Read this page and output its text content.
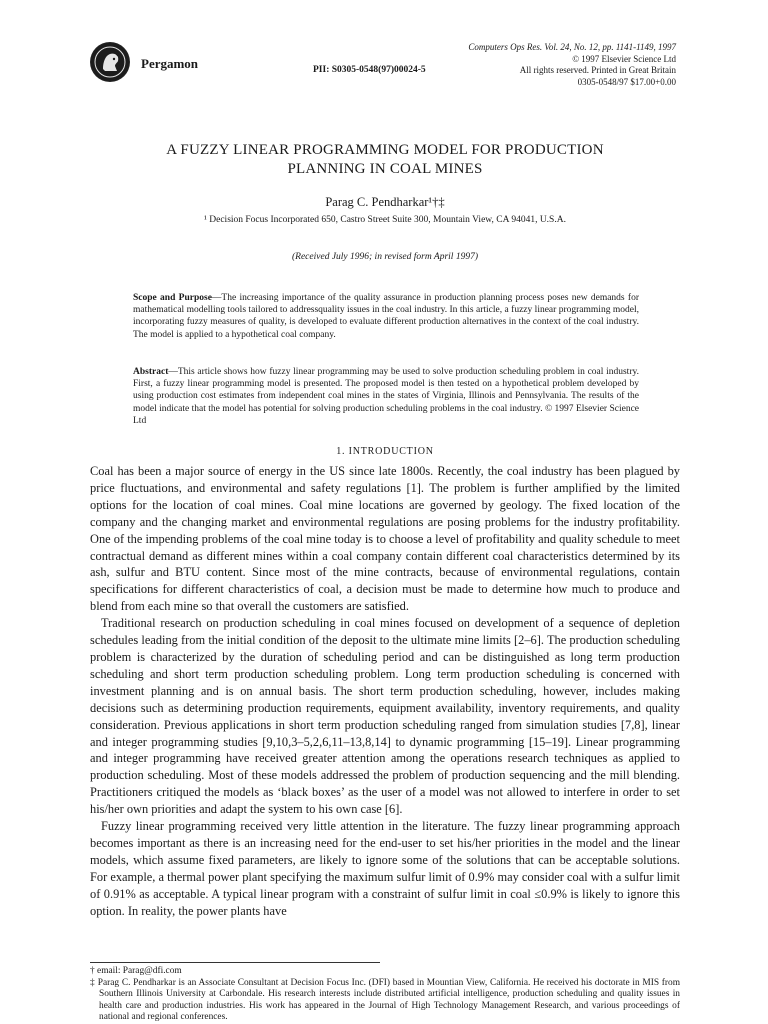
Pergamon	PII: S0305-0548(97)00024-5
Computers Ops Res. Vol. 24, No. 12, pp. 1141-1149, 1997
© 1997 Elsevier Science Ltd
All rights reserved. Printed in Great Britain
0305-0548/97 $17.00+0.00
A FUZZY LINEAR PROGRAMMING MODEL FOR PRODUCTION
PLANNING IN COAL MINES
Parag C. Pendharkar¹†‡
¹ Decision Focus Incorporated 650, Castro Street Suite 300, Mountain View, CA 94041, U.S.A.
(Received July 1996; in revised form April 1997)
Scope and Purpose—The increasing importance of the quality assurance in production planning process poses new demands for mathematical modelling tools tailored to addressquality issues in the coal industry. In this article, a fuzzy linear programming model, incorporating fuzzy measures of quality, is developed to evaluate different production alternatives in the context of the coal industry. The model is applied to a hypothetical coal company.
Abstract—This article shows how fuzzy linear programming may be used to solve production scheduling problem in coal industry. First, a fuzzy linear programming model is presented. The proposed model is then tested on a hypothetical problem developed by using production cost estimates from independent coal mines in the states of Virginia, Illinois and Pennsylvania. The results of the model indicate that the model has potential for solving production scheduling problems in the coal industry. © 1997 Elsevier Science Ltd
1. INTRODUCTION

Coal has been a major source of energy in the US since late 1800s. Recently, the coal industry has been plagued by price fluctuations, and environmental and safety regulations [1]. The problem is further amplified by the limited options for the location of coal mines. Coal mine locations are governed by geology. The fixed location of the company and the changing market and environmental regulations are posing problems for the industry profitability. One of the impending problems of the coal mine today is to choose a level of profitability and quality schedule to meet contractual demand as different mines within a coal company contain different coal characteristics determined by its ash, sulfur and BTU content. Since most of the mine contracts, because of environmental regulations, contain specifications for different characteristics of coal, a decision must be made to determine how much to produce and blend from each mine so that overall the customers are satisfied.

Traditional research on production scheduling in coal mines focused on development of a sequence of depletion schedules leading from the initial condition of the deposit to the ultimate mine limits [2–6]. The production scheduling problem is characterized by the duration of scheduling period and can be distinguished as long term production scheduling and short term production scheduling problem. Long term production scheduling is concerned with investment planning and is on annual basis. The short term production scheduling, however, includes making decisions such as determining production requirements, equipment availability, inventory requirements, and quality consideration. Previous applications in short term production scheduling ranged from simulation studies [7,8], linear and integer programming studies [9,10,3–5,2,6,11–13,8,14] to dynamic programming [15–19]. Linear programming and integer programming have received greater attention among the operations research techniques as applied to production scheduling. Most of these models addressed the problem of production sequencing and the mill blending. Practitioners critiqued the models as ‘black boxes’ as the user of a model was not allowed to interfere in order to set his/her own priorities and adapt the system to his own case [6].

Fuzzy linear programming received very little attention in the literature. The fuzzy linear programming approach becomes important as there is an increasing need for the end-user to set his/her priorities in the model and the linear models, which assume fixed parameters, are likely to ignore some of the solutions that can be acceptable solutions. For example, a thermal power plant specifying the maximum sulfur limit of 0.9% may consider coal with a sulfur limit of 0.91% as acceptable. A typical linear program with a constraint of sulfur limit in coal ≤0.9% is likely to ignore this option. In reality, the power plants have

† email: Parag@dfi.com

‡ Parag C. Pendharkar is an Associate Consultant at Decision Focus Inc. (DFI) based in Mountian View, California. He received his doctorate in MIS from Southern Illinois University at Carbondale. His research interests include distributed artificial intelligence, production scheduling and quality issues in health care and production industries. His work has appeared in the Journal of High Technology Management Research, and various proceedings of national and regional conferences.
